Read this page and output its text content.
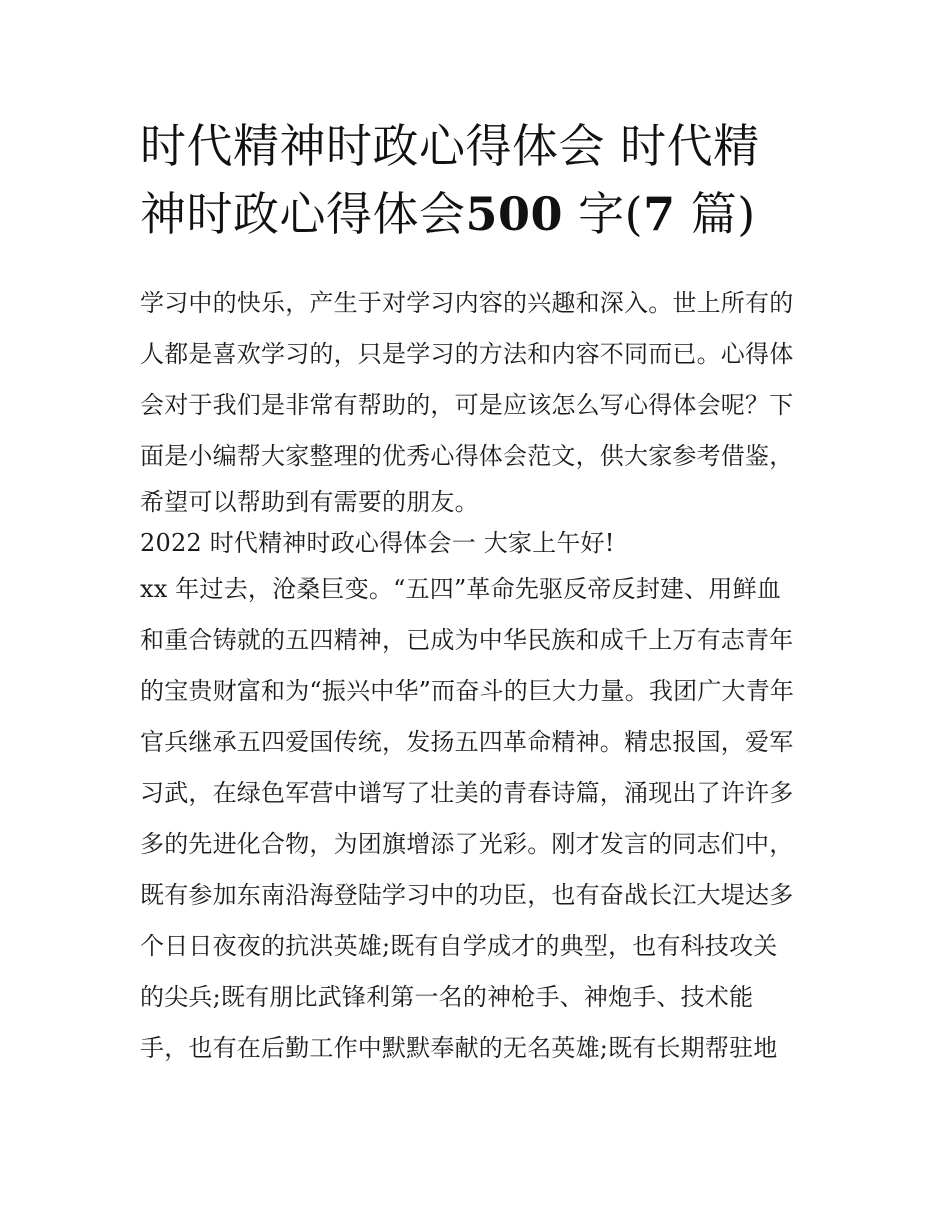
时代精神时政心得体会 时代精
神时政心得体会500 字(7 篇)
学习中的快乐，产生于对学习内容的兴趣和深入。世上所有的
人都是喜欢学习的，只是学习的方法和内容不同而已。心得体
会对于我们是非常有帮助的，可是应该怎么写心得体会呢？下
面是小编帮大家整理的优秀心得体会范文，供大家参考借鉴，
希望可以帮助到有需要的朋友。
2022 时代精神时政心得体会一 大家上午好!
xx 年过去，沧桑巨变。“五四”革命先驱反帝反封建、用鲜血
和重合铸就的五四精神，已成为中华民族和成千上万有志青年
的宝贵财富和为“振兴中华”而奋斗的巨大力量。我团广大青年
官兵继承五四爱国传统，发扬五四革命精神。精忠报国，爱军
习武，在绿色军营中谱写了壮美的青春诗篇，涌现出了许许多
多的先进化合物，为团旗增添了光彩。刚才发言的同志们中，
既有参加东南沿海登陆学习中的功臣，也有奋战长江大堤达多
个日日夜夜的抗洪英雄;既有自学成才的典型，也有科技攻关
的尖兵;既有朋比武锋利第一名的神枪手、神炮手、技术能
手，也有在后勤工作中默默奉献的无名英雄;既有长期帮驻地
